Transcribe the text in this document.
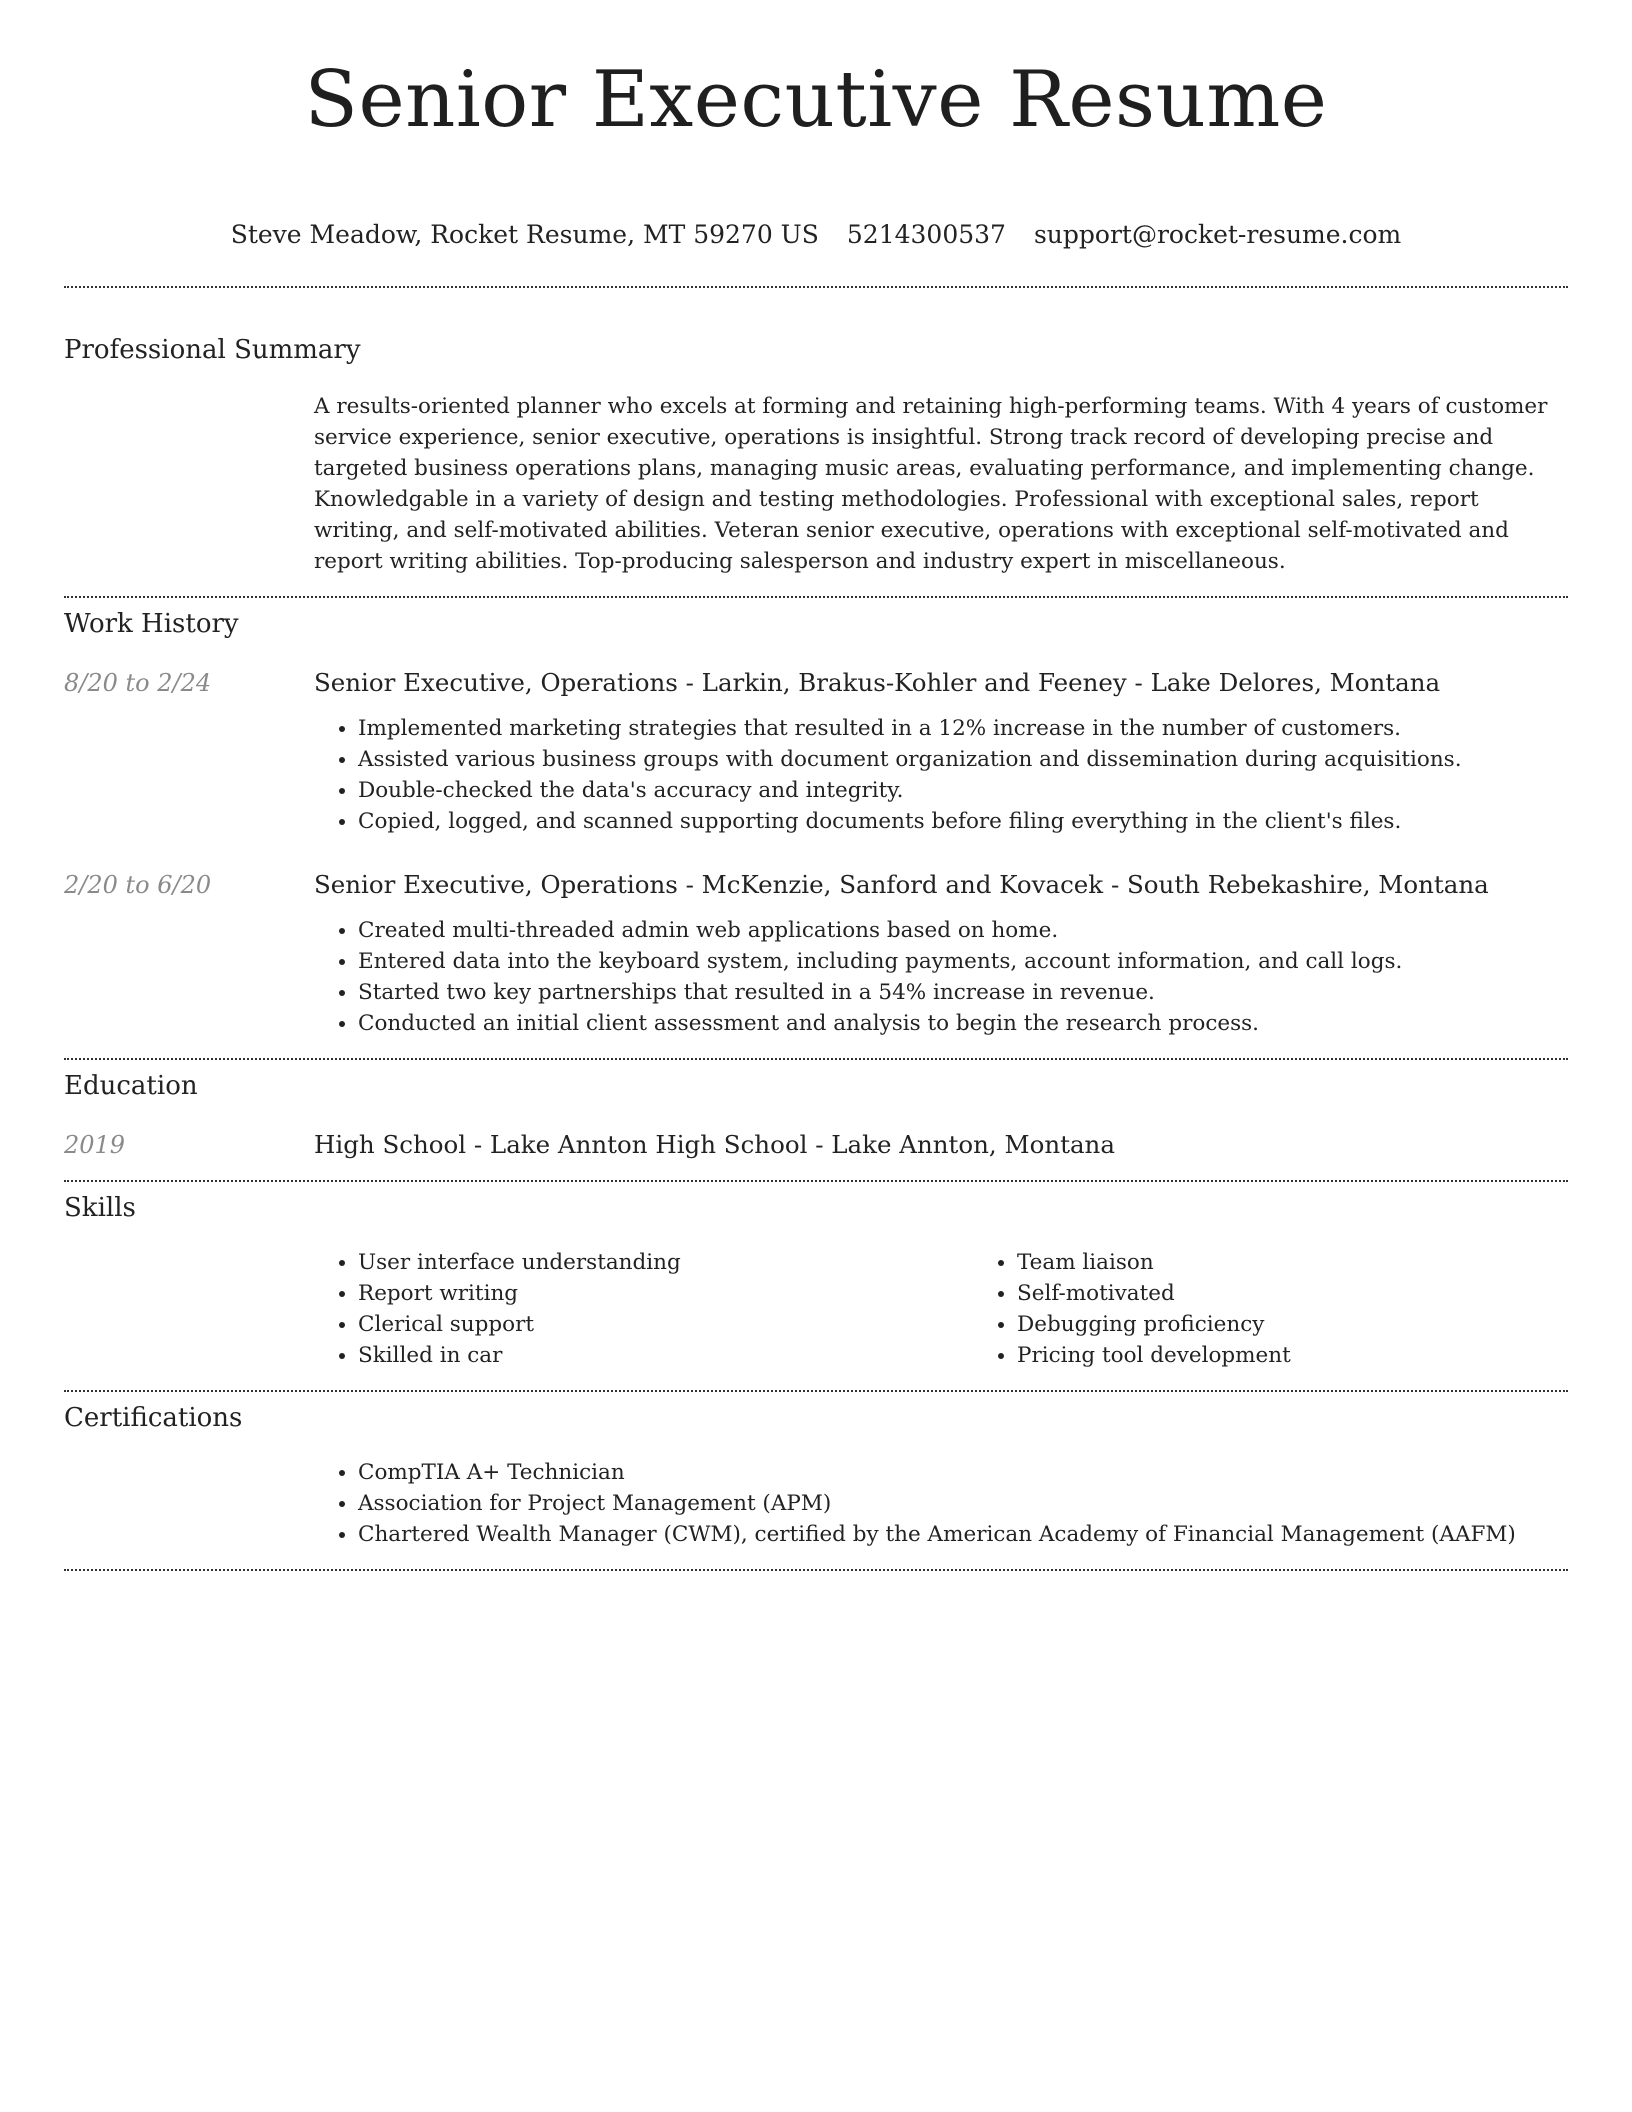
Senior Executive Resume
Steve Meadow, Rocket Resume, MT 59270 US 5214300537 support@rocket-resume.com
Professional Summary

A results-oriented planner who excels at forming and retaining high-performing teams. With 4 years of customer service experience, senior executive, operations is insightful. Strong track record of developing precise and targeted business operations plans, managing music areas, evaluating performance, and implementing change. Knowledgable in a variety of design and testing methodologies. Professional with exceptional sales, report writing, and self-motivated abilities. Veteran senior executive, operations with exceptional self-motivated and report writing abilities. Top-producing salesperson and industry expert in miscellaneous.

Work History
8/20 to 2/24	Senior Executive, Operations - Larkin, Brakus-Kohler and Feeney - Lake Delores, Montana
• Implemented marketing strategies that resulted in a 12% increase in the number of customers.
• Assisted various business groups with document organization and dissemination during acquisitions.
• Double-checked the data's accuracy and integrity.
• Copied, logged, and scanned supporting documents before filing everything in the client's files.
2/20 to 6/20	Senior Executive, Operations - McKenzie, Sanford and Kovacek - South Rebekashire, Montana
• Created multi-threaded admin web applications based on home.
• Entered data into the keyboard system, including payments, account information, and call logs.
• Started two key partnerships that resulted in a 54% increase in revenue.
• Conducted an initial client assessment and analysis to begin the research process.
Education
2019	High School - Lake Annton High School - Lake Annton, Montana
Skills
• User interface understanding
• Report writing
• Clerical support
• Skilled in car
• Team liaison
• Self-motivated
• Debugging proficiency
• Pricing tool development
Certifications
• CompTIA A+ Technician
• Association for Project Management (APM)
• Chartered Wealth Manager (CWM), certified by the American Academy of Financial Management (AAFM)
